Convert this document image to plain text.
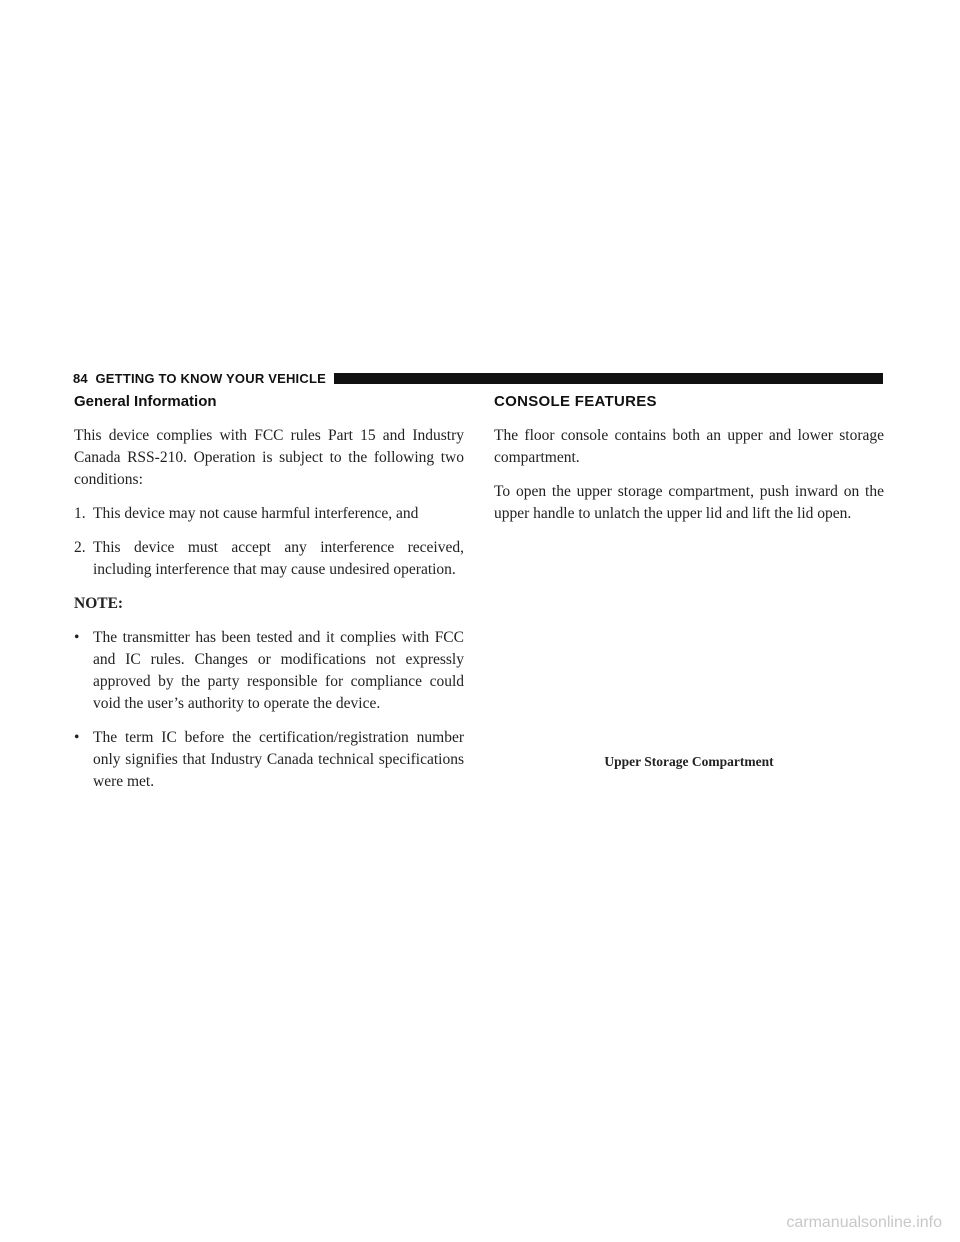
84 GETTING TO KNOW YOUR VEHICLE
General Information

This device complies with FCC rules Part 15 and Industry Canada RSS-210. Operation is subject to the following two conditions:

1. This device may not cause harmful interference, and
2. This device must accept any interference received, including interference that may cause undesired operation.

NOTE:

• The transmitter has been tested and it complies with FCC and IC rules. Changes or modifications not expressly approved by the party responsible for compliance could void the user’s authority to operate the device.
• The term IC before the certification/registration number only signifies that Industry Canada technical specifications were met.
CONSOLE FEATURES

The floor console contains both an upper and lower storage compartment.

To open the upper storage compartment, push inward on the upper handle to unlatch the upper lid and lift the lid open.

Upper Storage Compartment
carmanualsonline.info
